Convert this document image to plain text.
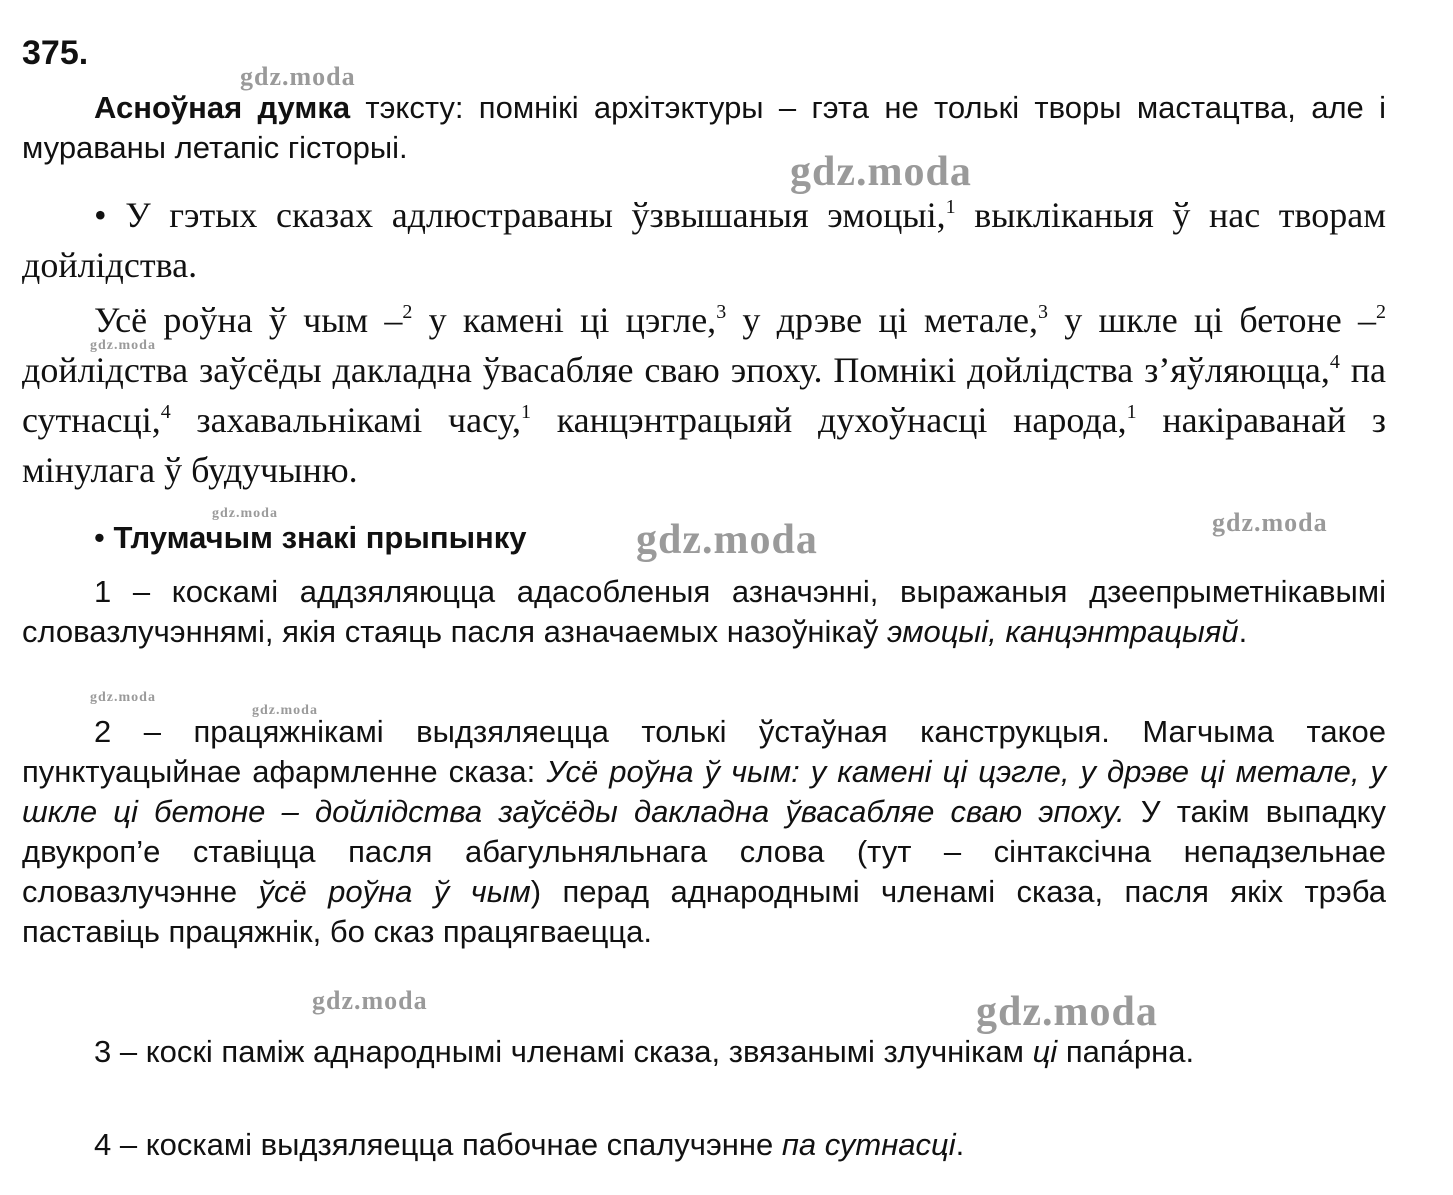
375.

Асноўная думка тэксту: помнікі архітэктуры – гэта не толькі творы мастацтва, але і мураваны летапіс гісторыі.

• У гэтых сказах адлюстраваны ўзвышаныя эмоцыі,$^1$ выкліканыя ў нас творам дойлідства.

Усё роўна ў чым –$^2$ у камені ці цэгле,$^3$ у дрэве ці метале,$^3$ у шкле ці бетоне –$^2$ дойлідства заўсёды дакладна ўвасабляе сваю эпоху. Помнікі дойлідства з’яўляюцца,$^4$ па сутнасці,$^4$ захавальнікамі часу,$^1$ канцэнтрацыяй духоўнасці народа,$^1$ накіраванай з мінулага ў будучыню.

• Тлумачым знакі прыпынку

1 – коскамі аддзяляюцца адасобленыя азначэнні, выражаныя дзеепрыметнікавымі словазлучэннямі, якія стаяць пасля азначаемых назоўнікаў эмоцыі, канцэнтрацыяй.

2 – працяжнікамі выдзяляецца толькі ўстаўная канструкцыя. Магчыма такое пунктуацыйнае афармленне сказа: Усё роўна ў чым: у камені ці цэгле, у дрэве ці метале, у шкле ці бетоне – дойлідства заўсёды дакладна ўвасабляе сваю эпоху. У такім выпадку двукроп’е ставіцца пасля абагульняльнага слова (тут – сінтаксічна непадзельнае словазлучэнне ўсё роўна ў чым) перад аднароднымі членамі сказа, пасля якіх трэба паставіць працяжнік, бо сказ працягваецца.

3 – коскі паміж аднароднымі членамі сказа, звязанымі злучнікам ці папа́рна.

4 – коскамі выдзяляецца пабочнае спалучэнне па сутнасці.

gdz.moda
gdz.moda
gdz.moda
gdz.moda
gdz.moda	gdz.moda
gdz.moda
gdz.moda
gdz.moda	gdz.moda
